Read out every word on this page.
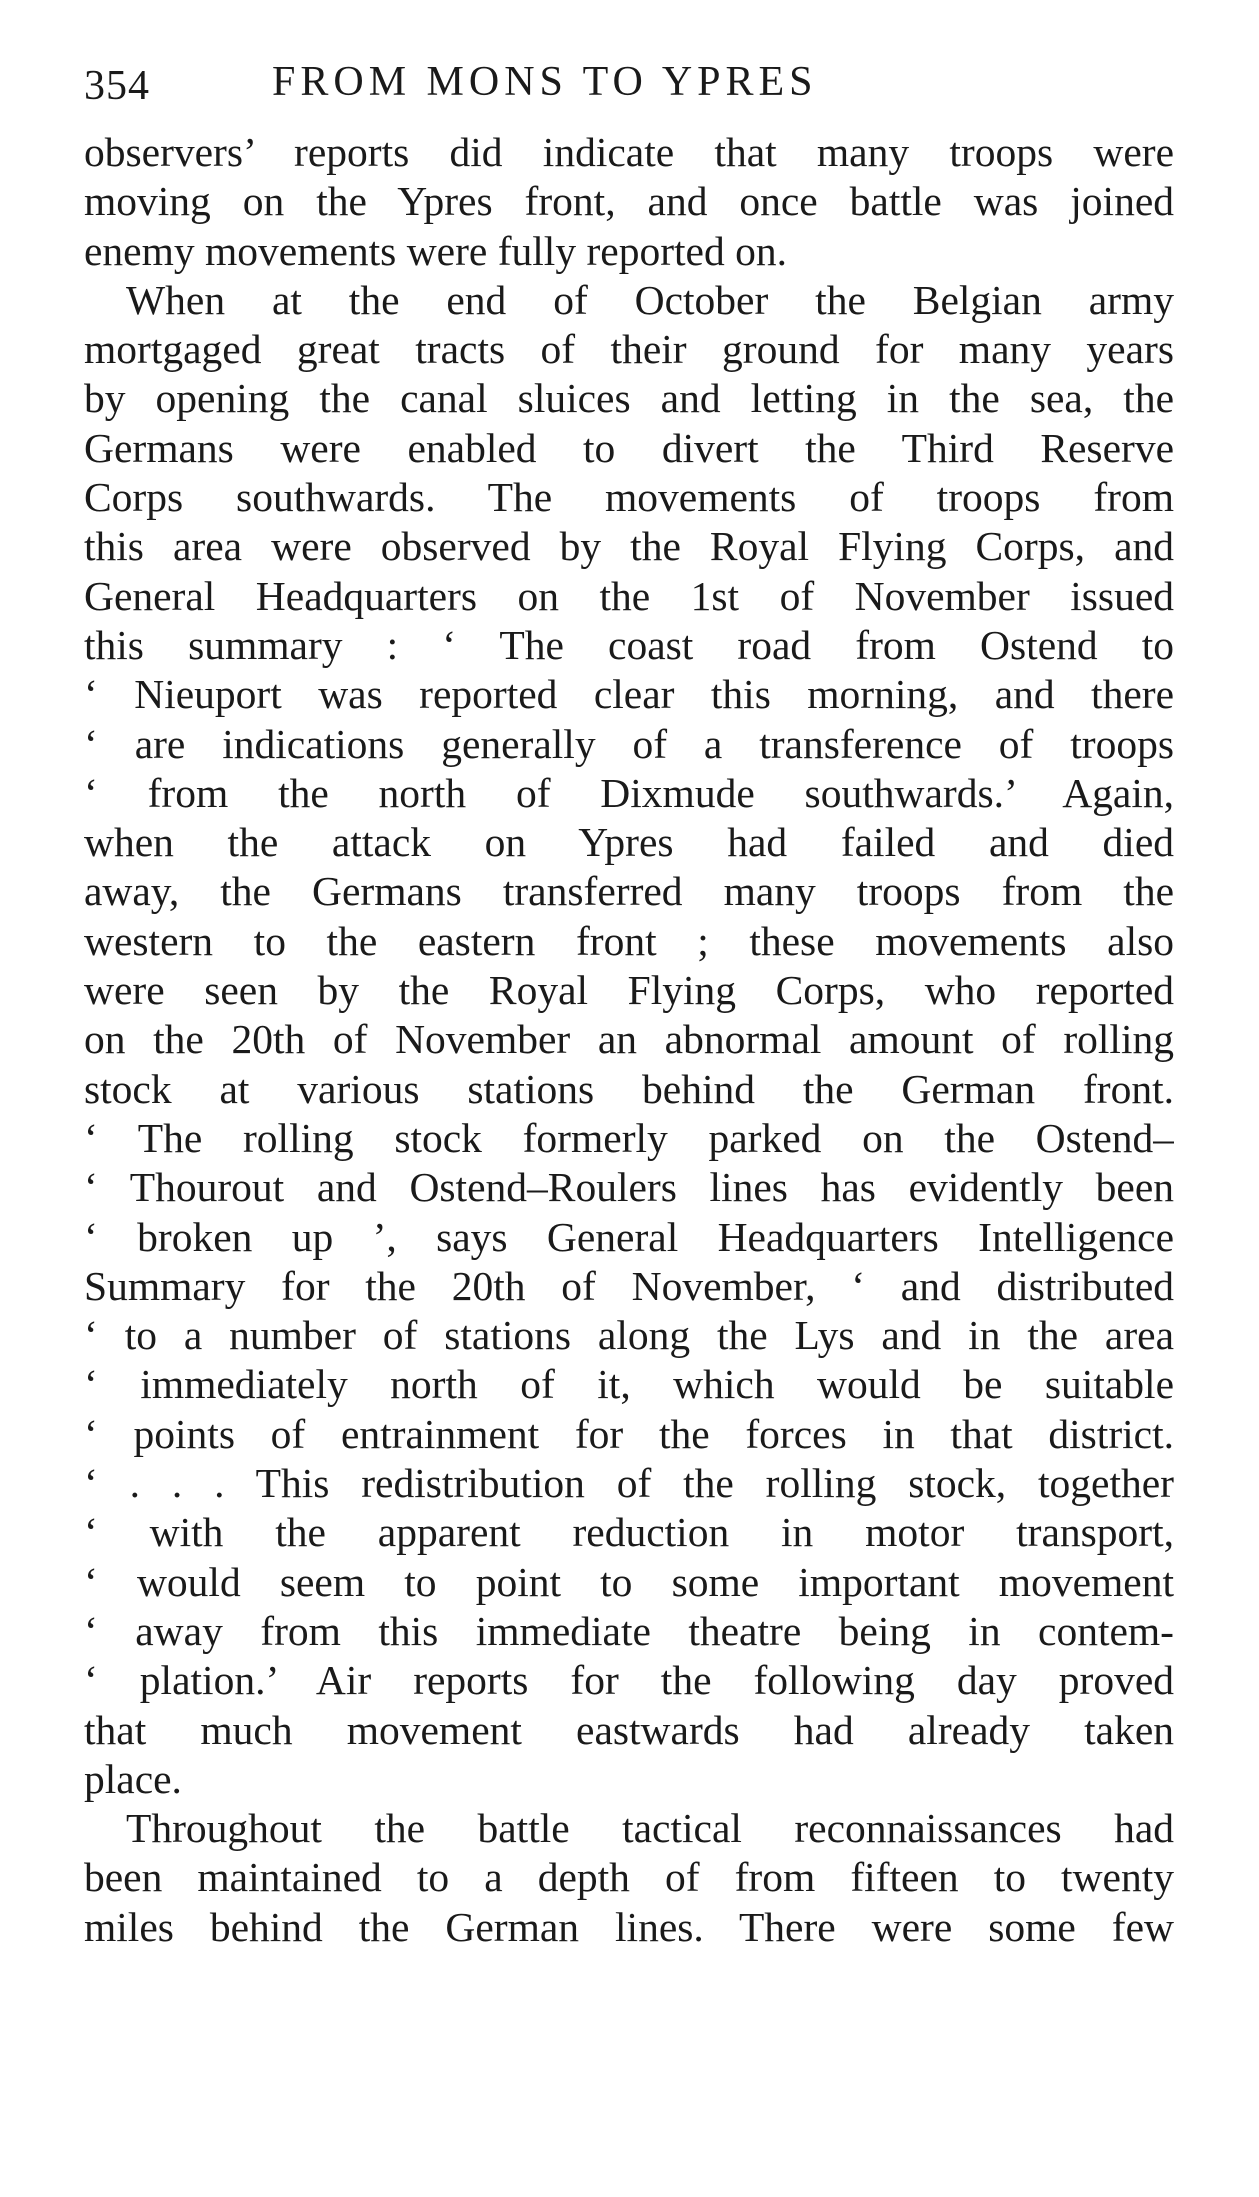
354	FROM MONS TO YPRES

observers’ reports did indicate that many troops were
moving on the Ypres front, and once battle was joined
enemy movements were fully reported on.

When at the end of October the Belgian army
mortgaged great tracts of their ground for many years
by opening the canal sluices and letting in the sea, the
Germans were enabled to divert the Third Reserve
Corps southwards. The movements of troops from
this area were observed by the Royal Flying Corps, and
General Headquarters on the 1st of November issued
this summary : ‘ The coast road from Ostend to
‘ Nieuport was reported clear this morning, and there
‘ are indications generally of a transference of troops
‘ from the north of Dixmude southwards.’ Again,
when the attack on Ypres had failed and died
away, the Germans transferred many troops from the
western to the eastern front ; these movements also
were seen by the Royal Flying Corps, who reported
on the 20th of November an abnormal amount of rolling
stock at various stations behind the German front.
‘ The rolling stock formerly parked on the Ostend–
‘ Thourout and Ostend–Roulers lines has evidently been
‘ broken up ’, says General Headquarters Intelligence
Summary for the 20th of November, ‘ and distributed
‘ to a number of stations along the Lys and in the area
‘ immediately north of it, which would be suitable
‘ points of entrainment for the forces in that district.
‘ . . . This redistribution of the rolling stock, together
‘ with the apparent reduction in motor transport,
‘ would seem to point to some important movement
‘ away from this immediate theatre being in contem-
‘ plation.’ Air reports for the following day proved
that much movement eastwards had already taken
place.

Throughout the battle tactical reconnaissances had
been maintained to a depth of from fifteen to twenty
miles behind the German lines. There were some few
